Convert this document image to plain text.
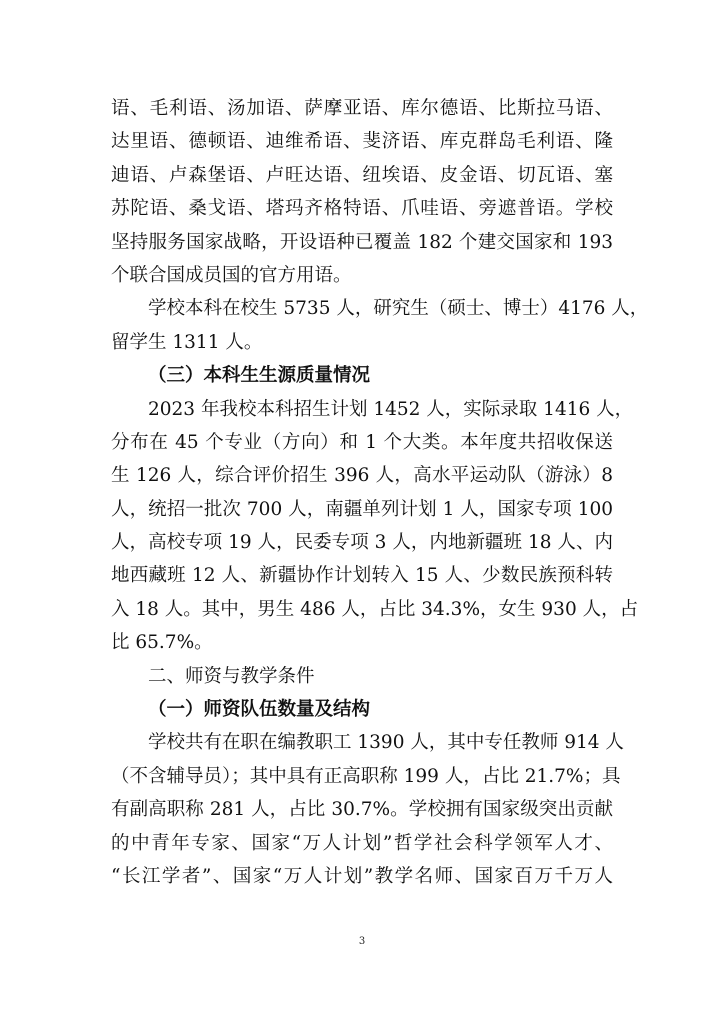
语、毛利语、汤加语、萨摩亚语、库尔德语、比斯拉马语、
达里语、德顿语、迪维希语、斐济语、库克群岛毛利语、隆
迪语、卢森堡语、卢旺达语、纽埃语、皮金语、切瓦语、塞
苏陀语、桑戈语、塔玛齐格特语、爪哇语、旁遮普语。学校
坚持服务国家战略，开设语种已覆盖 182 个建交国家和 193
个联合国成员国的官方用语。
学校本科在校生 5735 人，研究生（硕士、博士）4176 人，
留学生 1311 人。
（三）本科生生源质量情况
2023 年我校本科招生计划 1452 人，实际录取 1416 人，
分布在 45 个专业（方向）和 1 个大类。本年度共招收保送
生 126 人，综合评价招生 396 人，高水平运动队（游泳）8
人，统招一批次 700 人，南疆单列计划 1 人，国家专项 100
人，高校专项 19 人，民委专项 3 人，内地新疆班 18 人、内
地西藏班 12 人、新疆协作计划转入 15 人、少数民族预科转
入 18 人。其中，男生 486 人，占比 34.3%，女生 930 人，占
比 65.7%。
二、师资与教学条件
（一）师资队伍数量及结构
学校共有在职在编教职工 1390 人，其中专任教师 914 人
（不含辅导员）；其中具有正高职称 199 人，占比 21.7%；具
有副高职称 281 人，占比 30.7%。学校拥有国家级突出贡献
的中青年专家、国家“万人计划”哲学社会科学领军人才、
“长江学者”、国家“万人计划”教学名师、国家百万千万人
3
